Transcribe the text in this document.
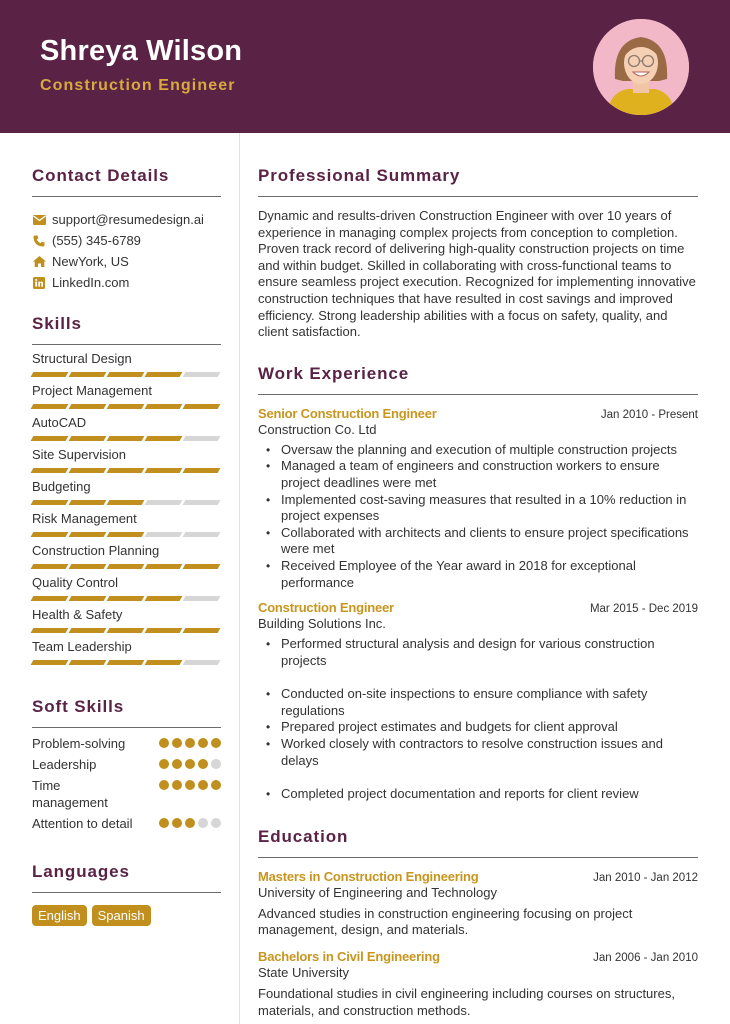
Shreya Wilson
Construction Engineer
Contact Details
support@resumedesign.ai
(555) 345-6789
NewYork, US
LinkedIn.com
Skills
Structural Design
Project Management
AutoCAD
Site Supervision
Budgeting
Risk Management
Construction Planning
Quality Control
Health & Safety
Team Leadership
Soft Skills
Problem-solving
Leadership
Time management
Attention to detail
Languages
English	Spanish
Professional Summary

Dynamic and results-driven Construction Engineer with over 10 years of experience in managing complex projects from conception to completion. Proven track record of delivering high-quality construction projects on time and within budget. Skilled in collaborating with cross-functional teams to ensure seamless project execution. Recognized for implementing innovative construction techniques that have resulted in cost savings and improved efficiency. Strong leadership abilities with a focus on safety, quality, and client satisfaction.

Work Experience
Senior Construction Engineer	Jan 2010 - Present
Construction Co. Ltd
• Oversaw the planning and execution of multiple construction projects
• Managed a team of engineers and construction workers to ensure project deadlines were met
• Implemented cost-saving measures that resulted in a 10% reduction in project expenses
• Collaborated with architects and clients to ensure project specifications were met
• Received Employee of the Year award in 2018 for exceptional performance
Construction Engineer	Mar 2015 - Dec 2019
Building Solutions Inc.
• Performed structural analysis and design for various construction projects
• Conducted on-site inspections to ensure compliance with safety regulations
• Prepared project estimates and budgets for client approval
• Worked closely with contractors to resolve construction issues and delays
• Completed project documentation and reports for client review
Education
Masters in Construction Engineering	Jan 2010 - Jan 2012
University of Engineering and Technology

Advanced studies in construction engineering focusing on project management, design, and materials.

Bachelors in Civil Engineering	Jan 2006 - Jan 2010
State University

Foundational studies in civil engineering including courses on structures, materials, and construction methods.
